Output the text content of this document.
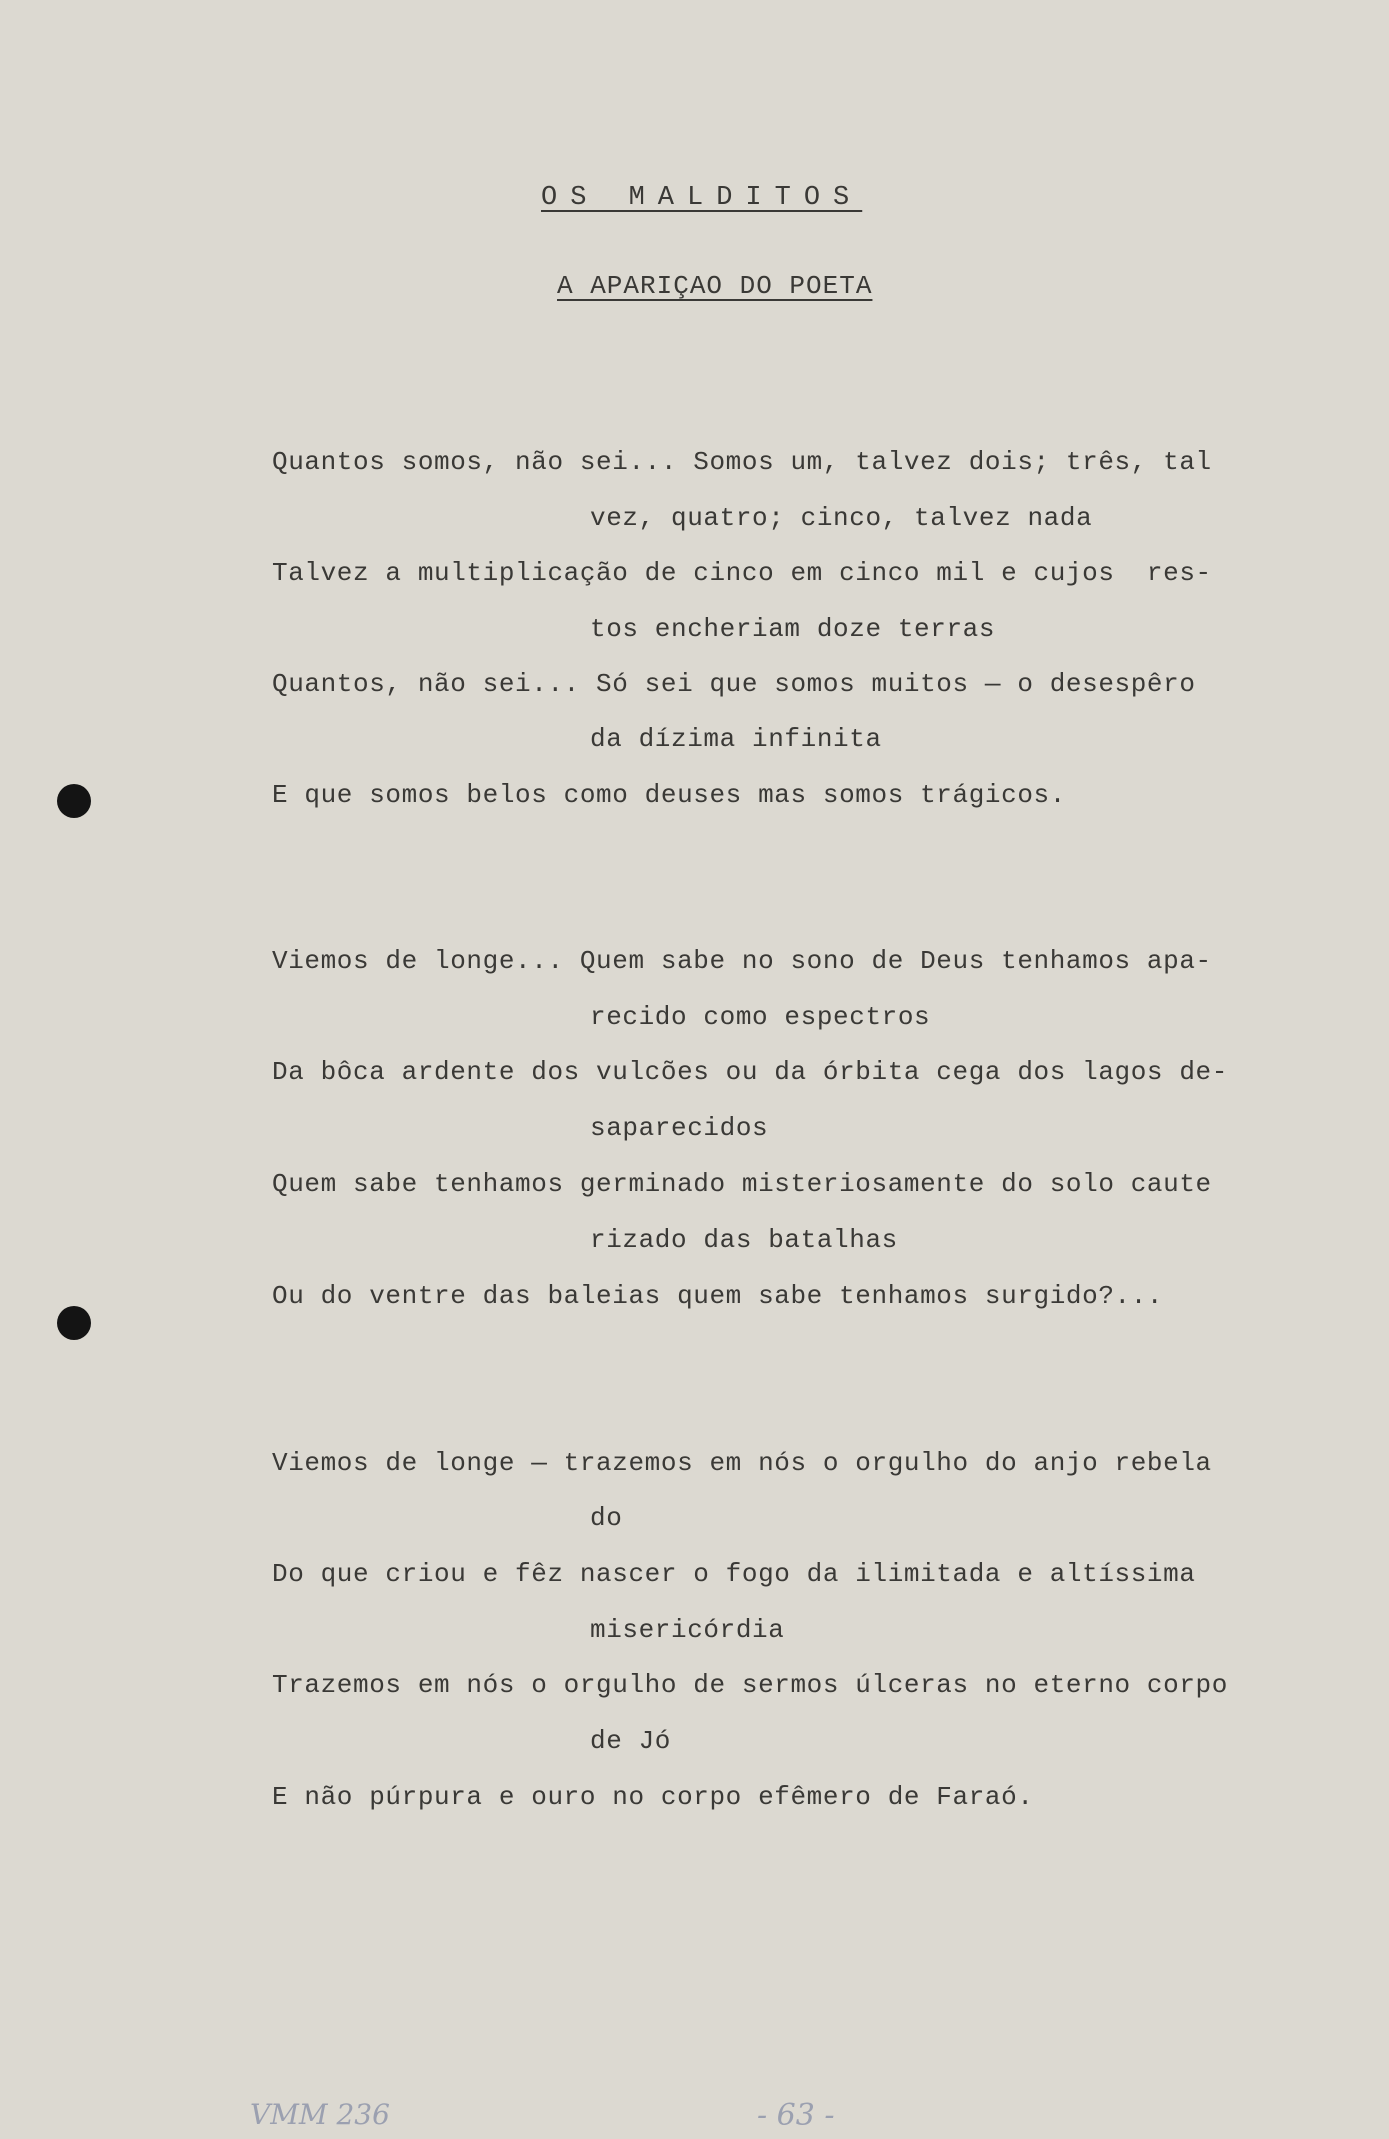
OS MALDITOS
A APARIÇAO DO POETA
Quantos somos, não sei... Somos um, talvez dois; três, tal
vez, quatro; cinco, talvez nada
Talvez a multiplicação de cinco em cinco mil e cujos  res-
tos encheriam doze terras
Quantos, não sei... Só sei que somos muitos — o desespêro
da dízima infinita
E que somos belos como deuses mas somos trágicos.
Viemos de longe... Quem sabe no sono de Deus tenhamos apa-
recido como espectros
Da bôca ardente dos vulcões ou da órbita cega dos lagos de-
saparecidos
Quem sabe tenhamos germinado misteriosamente do solo caute
rizado das batalhas
Ou do ventre das baleias quem sabe tenhamos surgido?...
Viemos de longe — trazemos em nós o orgulho do anjo rebela
do
Do que criou e fêz nascer o fogo da ilimitada e altíssima
misericórdia
Trazemos em nós o orgulho de sermos úlceras no eterno corpo
de Jó
E não púrpura e ouro no corpo efêmero de Faraó.
VMM 236	- 63 -
